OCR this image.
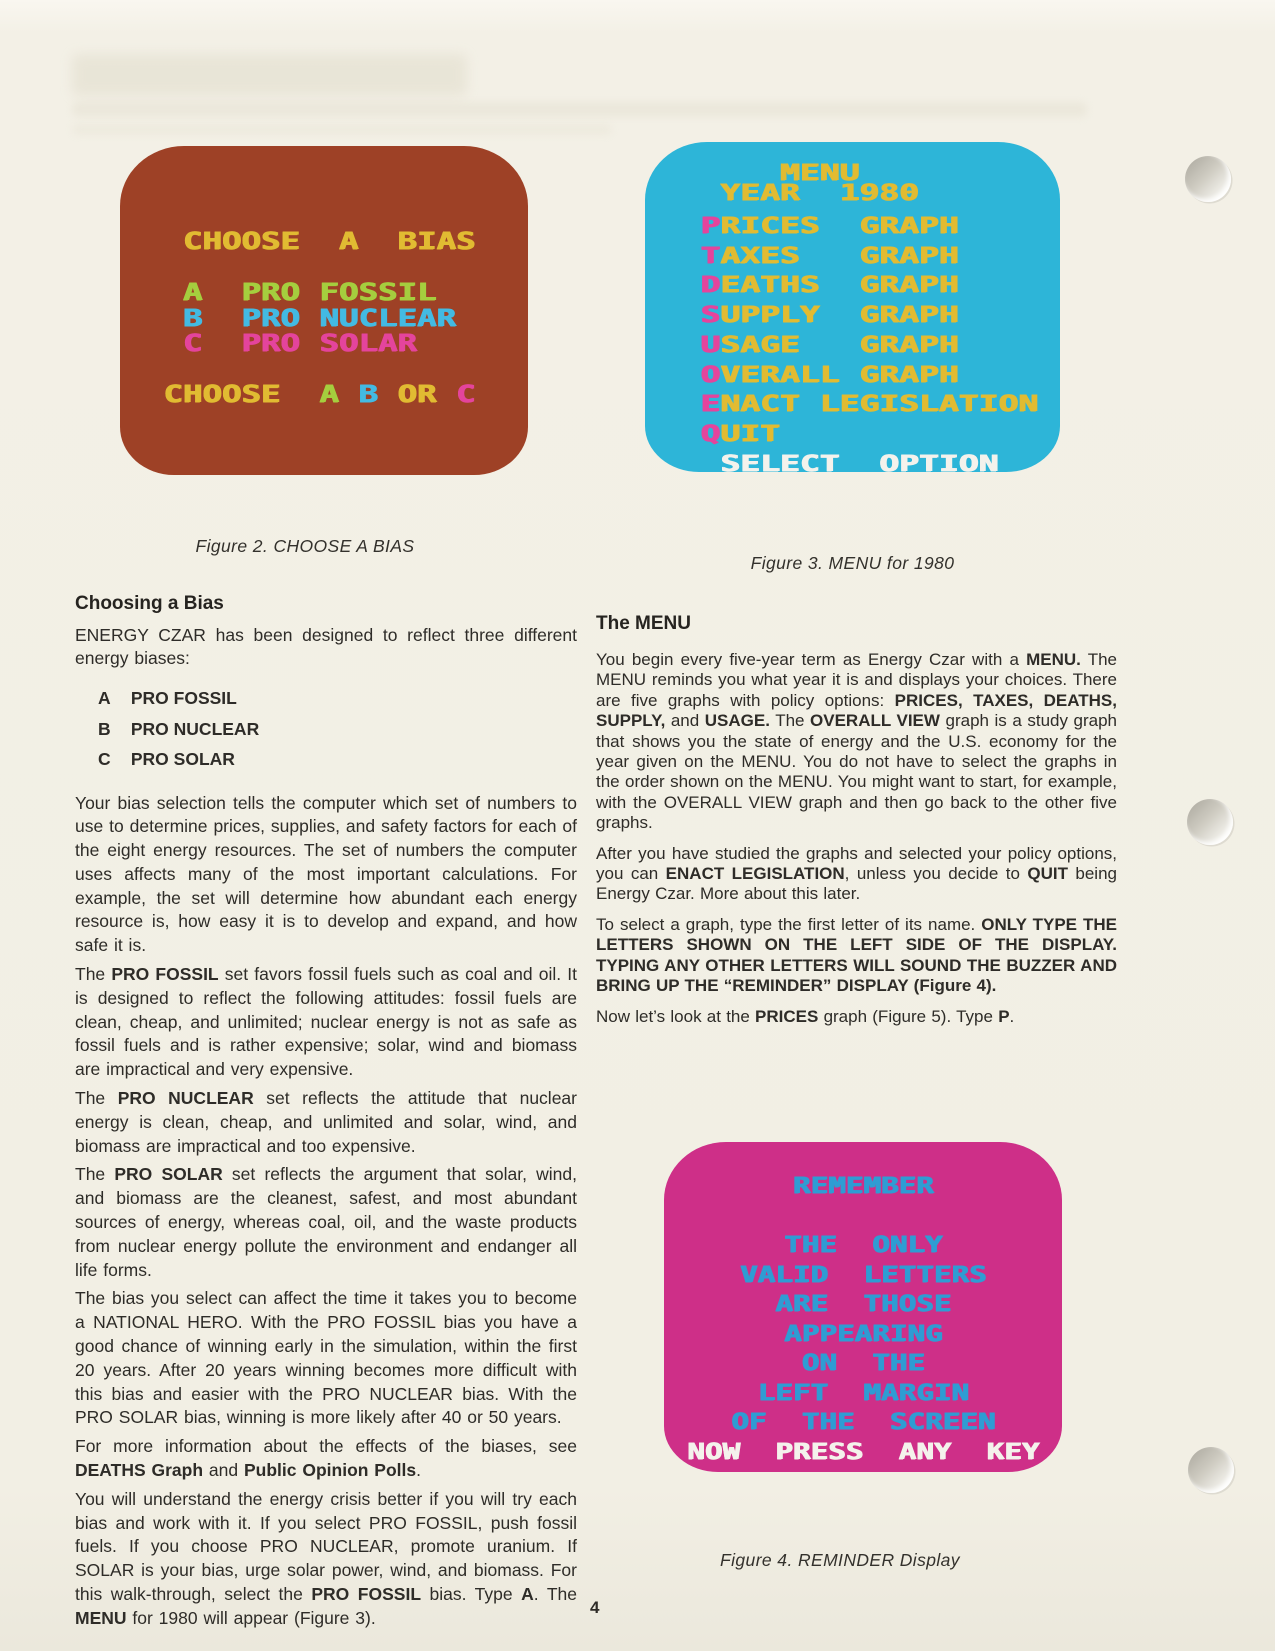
CHOOSE  A  BIAS

A  PRO FOSSIL
B  PRO NUCLEAR
C  PRO SOLAR

CHOOSE  A B OR C
Figure 2. CHOOSE A BIAS
MENU
YEAR  1980
PRICES  GRAPH
TAXES   GRAPH
DEATHS  GRAPH
SUPPLY  GRAPH
USAGE   GRAPH
OVERALL GRAPH
ENACT LEGISLATION
QUIT
SELECT  OPTION
Figure 3. MENU for 1980
Choosing a Bias

ENERGY CZAR has been designed to reflect three different energy biases:

A PRO FOSSIL
B PRO NUCLEAR
C PRO SOLAR

Your bias selection tells the computer which set of numbers to use to determine prices, supplies, and safety factors for each of the eight energy resources. The set of numbers the computer uses affects many of the most important calculations. For example, the set will determine how abundant each energy resource is, how easy it is to develop and expand, and how safe it is.

The PRO FOSSIL set favors fossil fuels such as coal and oil. It is designed to reflect the following attitudes: fossil fuels are clean, cheap, and unlimited; nuclear energy is not as safe as fossil fuels and is rather expensive; solar, wind and biomass are impractical and very expensive.

The PRO NUCLEAR set reflects the attitude that nuclear energy is clean, cheap, and unlimited and solar, wind, and biomass are impractical and too expensive.

The PRO SOLAR set reflects the argument that solar, wind, and biomass are the cleanest, safest, and most abundant sources of energy, whereas coal, oil, and the waste products from nuclear energy pollute the environment and endanger all life forms.

The bias you select can affect the time it takes you to become a NATIONAL HERO. With the PRO FOSSIL bias you have a good chance of winning early in the simulation, within the first 20 years. After 20 years winning becomes more difficult with this bias and easier with the PRO NUCLEAR bias. With the PRO SOLAR bias, winning is more likely after 40 or 50 years.

For more information about the effects of the biases, see DEATHS Graph and Public Opinion Polls.

You will understand the energy crisis better if you will try each bias and work with it. If you select PRO FOSSIL, push fossil fuels. If you choose PRO NUCLEAR, promote uranium. If SOLAR is your bias, urge solar power, wind, and biomass. For this walk-through, select the PRO FOSSIL bias. Type A. The MENU for 1980 will appear (Figure 3).

The MENU

You begin every five-year term as Energy Czar with a MENU. The MENU reminds you what year it is and displays your choices. There are five graphs with policy options: PRICES, TAXES, DEATHS, SUPPLY, and USAGE. The OVERALL VIEW graph is a study graph that shows you the state of energy and the U.S. economy for the year given on the MENU. You do not have to select the graphs in the order shown on the MENU. You might want to start, for example, with the OVERALL VIEW graph and then go back to the other five graphs.

After you have studied the graphs and selected your policy options, you can ENACT LEGISLATION, unless you decide to QUIT being Energy Czar. More about this later.

To select a graph, type the first letter of its name. ONLY TYPE THE LETTERS SHOWN ON THE LEFT SIDE OF THE DISPLAY. TYPING ANY OTHER LETTERS WILL SOUND THE BUZZER AND BRING UP THE “REMINDER” DISPLAY (Figure 4).

Now let’s look at the PRICES graph (Figure 5). Type P.

REMEMBER

THE  ONLY
VALID  LETTERS
ARE  THOSE
APPEARING
ON  THE
LEFT  MARGIN
OF  THE  SCREEN
NOW  PRESS  ANY  KEY
Figure 4. REMINDER Display
4
